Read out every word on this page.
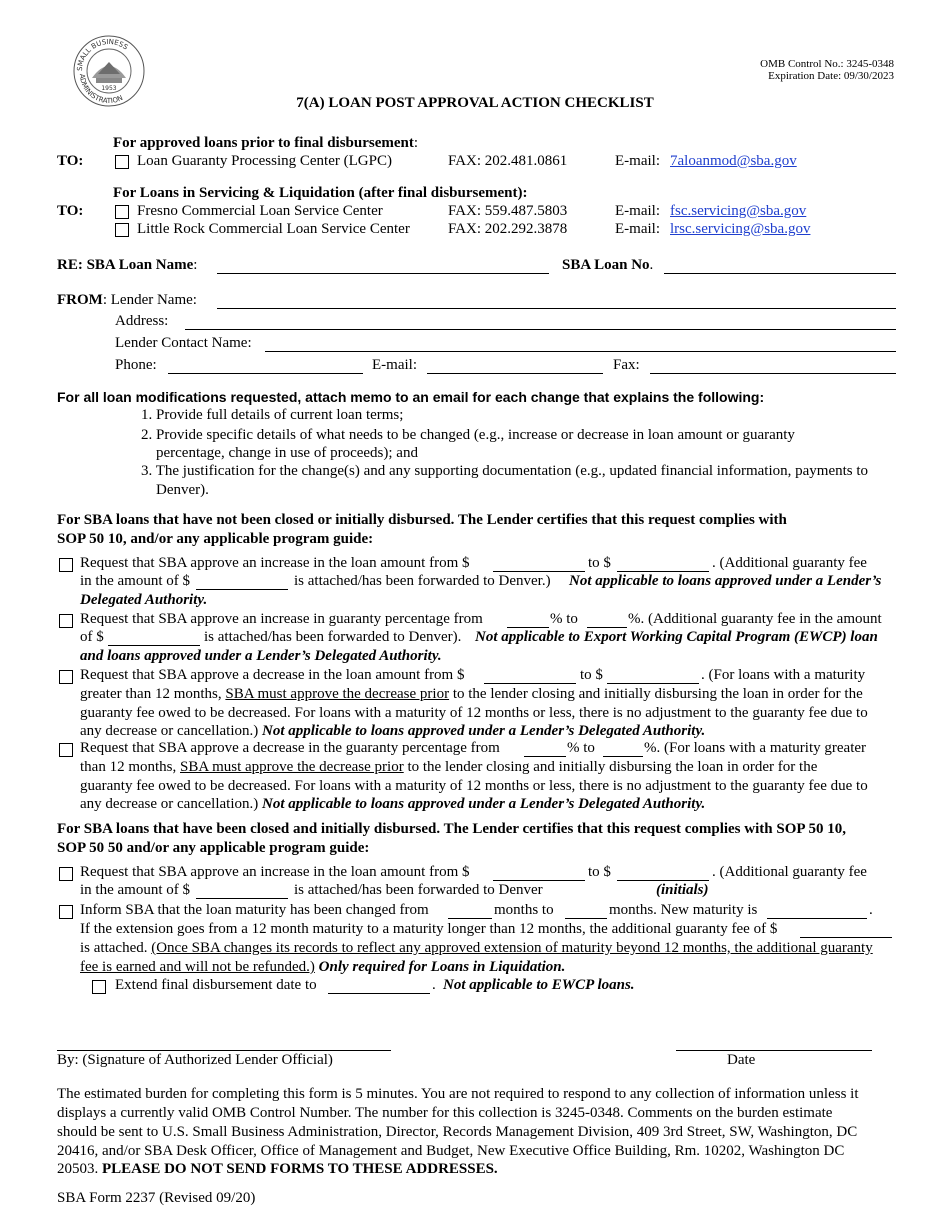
SMALL BUSINESS
ADMINISTRATION
1953
OMB Control No.: 3245-0348
Expiration Date: 09/30/2023
7(A) LOAN POST APPROVAL ACTION CHECKLIST
TO:
For approved loans prior to final disbursement:
Loan Guaranty Processing Center (LGPC)	FAX: 202.481.0861	E-mail: 7aloanmod@sba.gov
For Loans in Servicing & Liquidation (after final disbursement):
TO:	Fresno Commercial Loan Service Center	FAX: 559.487.5803	E-mail: fsc.servicing@sba.gov
Little Rock Commercial Loan Service Center	FAX: 202.292.3878	E-mail: lrsc.servicing@sba.gov
RE: SBA Loan Name:	SBA Loan No.
FROM: Lender Name:
Address:
Lender Contact Name:
Phone:	E-mail:	Fax:
For all loan modifications requested, attach memo to an email for each change that explains the following:
1. Provide full details of current loan terms;
2. Provide specific details of what needs to be changed (e.g., increase or decrease in loan amount or guaranty
percentage, change in use of proceeds); and
3. The justification for the change(s) and any supporting documentation (e.g., updated financial information, payments to
Denver).
For SBA loans that have not been closed or initially disbursed. The Lender certifies that this request complies with
SOP 50 10, and/or any applicable program guide:
Request that SBA approve an increase in the loan amount from $	to $	. (Additional guaranty fee
in the amount of $	is attached/has been forwarded to Denver.) Not applicable to loans approved under a Lender’s
Delegated Authority.
Request that SBA approve an increase in guaranty percentage from	% to	%. (Additional guaranty fee in the amount
of $	is attached/has been forwarded to Denver). Not applicable to Export Working Capital Program (EWCP) loan
and loans approved under a Lender’s Delegated Authority.
Request that SBA approve a decrease in the loan amount from $	to $	. (For loans with a maturity
greater than 12 months, SBA must approve the decrease prior to the lender closing and initially disbursing the loan in order for the
guaranty fee owed to be decreased. For loans with a maturity of 12 months or less, there is no adjustment to the guaranty fee due to
any decrease or cancellation.) Not applicable to loans approved under a Lender’s Delegated Authority.
Request that SBA approve a decrease in the guaranty percentage from	% to	%. (For loans with a maturity greater
than 12 months, SBA must approve the decrease prior to the lender closing and initially disbursing the loan in order for the
guaranty fee owed to be decreased. For loans with a maturity of 12 months or less, there is no adjustment to the guaranty fee due to
any decrease or cancellation.) Not applicable to loans approved under a Lender’s Delegated Authority.
For SBA loans that have been closed and initially disbursed. The Lender certifies that this request complies with SOP 50 10,
SOP 50 50 and/or any applicable program guide:
Request that SBA approve an increase in the loan amount from $	to $	. (Additional guaranty fee
in the amount of $	is attached/has been forwarded to Denver	(initials)
Inform SBA that the loan maturity has been changed from	months to	months. New maturity is	.
If the extension goes from a 12 month maturity to a maturity longer than 12 months, the additional guaranty fee of $
is attached. (Once SBA changes its records to reflect any approved extension of maturity beyond 12 months, the additional guaranty
fee is earned and will not be refunded.) Only required for Loans in Liquidation.
Extend final disbursement date to	. Not applicable to EWCP loans.
By: (Signature of Authorized Lender Official)	Date
The estimated burden for completing this form is 5 minutes. You are not required to respond to any collection of information unless it
displays a currently valid OMB Control Number. The number for this collection is 3245-0348. Comments on the burden estimate
should be sent to U.S. Small Business Administration, Director, Records Management Division, 409 3rd Street, SW, Washington, DC
20416, and/or SBA Desk Officer, Office of Management and Budget, New Executive Office Building, Rm. 10202, Washington DC
20503. PLEASE DO NOT SEND FORMS TO THESE ADDRESSES.
SBA Form 2237 (Revised 09/20)
